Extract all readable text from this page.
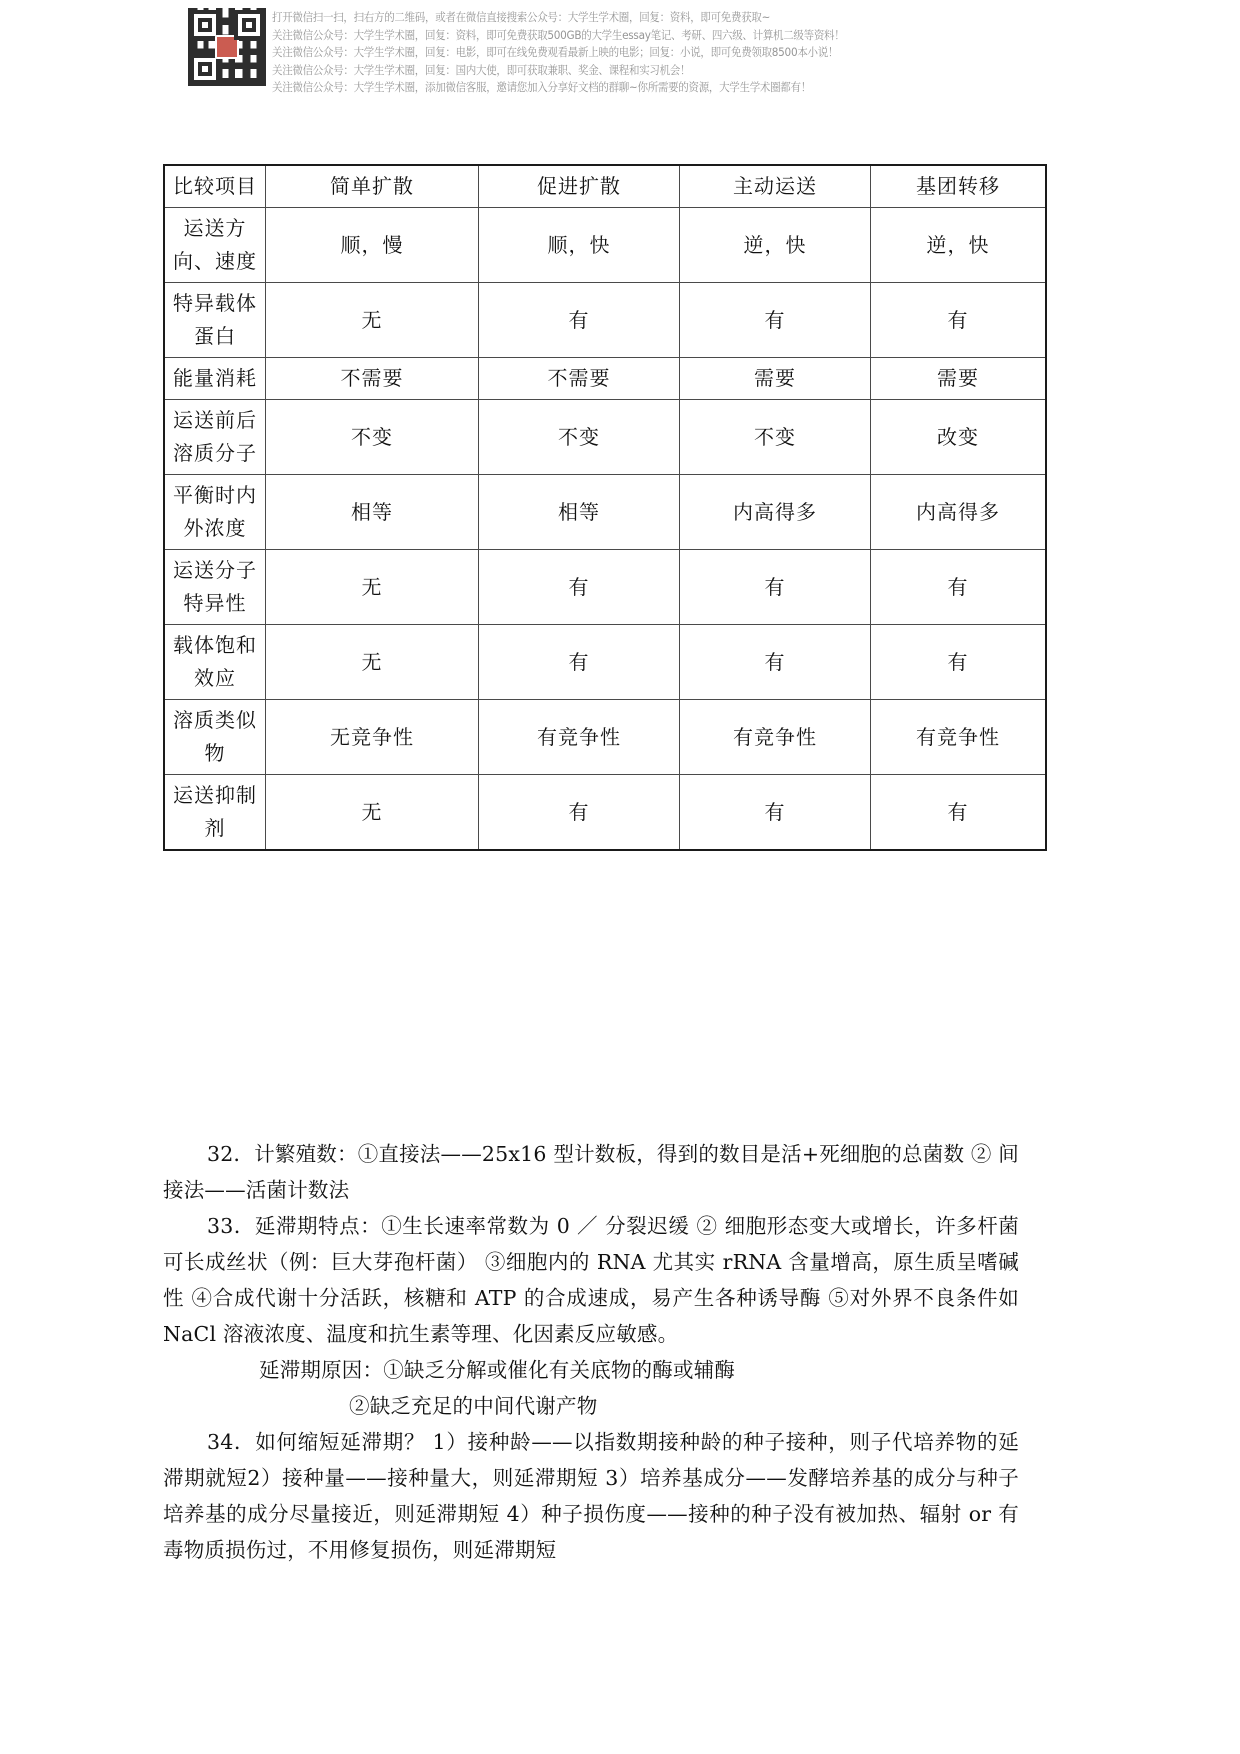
打开微信扫一扫，扫右方的二维码，或者在微信直接搜索公众号：大学生学术圈，回复：资料，即可免费获取~
关注微信公众号：大学生学术圈，回复：资料，即可免费获取500GB的大学生essay笔记、考研、四六级、计算机二级等资料！
关注微信公众号：大学生学术圈，回复：电影，即可在线免费观看最新上映的电影；回复：小说，即可免费领取8500本小说！
关注微信公众号：大学生学术圈，回复：国内大使，即可获取兼职、奖金、课程和实习机会！
关注微信公众号：大学生学术圈，添加微信客服，邀请您加入分享好文档的群聊~你所需要的资源，大学生学术圈都有！
比较项目	简单扩散	促进扩散	主动运送	基团转移
运送方向、速度	顺，慢	顺，快	逆，快	逆，快
特异载体蛋白	无	有	有	有
能量消耗	不需要	不需要	需要	需要
运送前后溶质分子	不变	不变	不变	改变
平衡时内外浓度	相等	相等	内高得多	内高得多
运送分子特异性	无	有	有	有
载体饱和效应	无	有	有	有
溶质类似物	无竞争性	有竞争性	有竞争性	有竞争性
运送抑制剂	无	有	有	有

32．计繁殖数：①直接法——25x16 型计数板，得到的数目是活+死细胞的总菌数 ② 间接法——活菌计数法

33．延滞期特点：①生长速率常数为 0 ／ 分裂迟缓 ② 细胞形态变大或增长，许多杆菌可长成丝状（例：巨大芽孢杆菌） ③细胞内的 RNA 尤其实 rRNA 含量增高，原生质呈嗜碱性 ④合成代谢十分活跃，核糖和 ATP 的合成速成，易产生各种诱导酶 ⑤对外界不良条件如 NaCl 溶液浓度、温度和抗生素等理、化因素反应敏感。

延滞期原因：①缺乏分解或催化有关底物的酶或辅酶

②缺乏充足的中间代谢产物

34．如何缩短延滞期？ 1）接种龄——以指数期接种龄的种子接种，则子代培养物的延滞期就短2）接种量——接种量大，则延滞期短 3）培养基成分——发酵培养基的成分与种子培养基的成分尽量接近，则延滞期短 4）种子损伤度——接种的种子没有被加热、辐射 or 有毒物质损伤过，不用修复损伤，则延滞期短
